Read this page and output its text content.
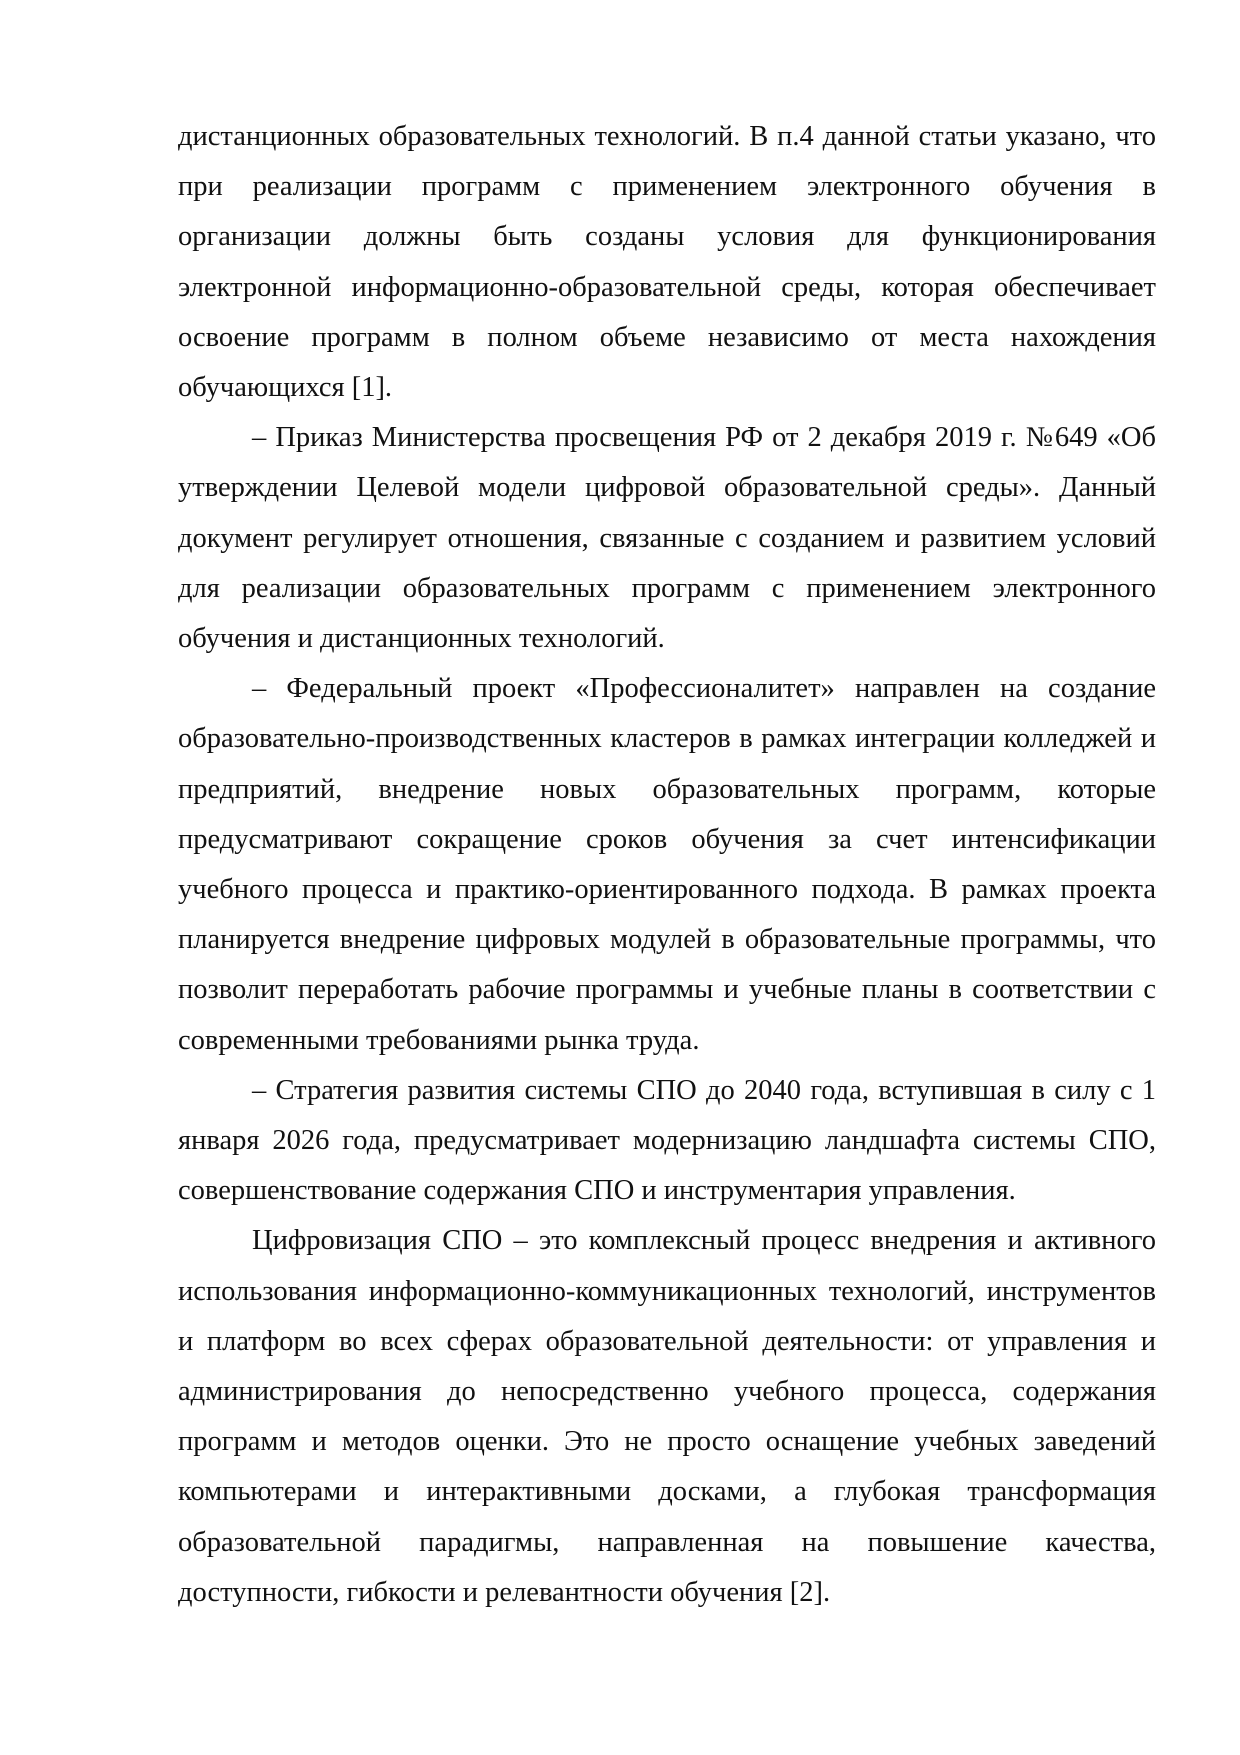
дистанционных образовательных технологий. В п.4 данной статьи указано, что при реализации программ с применением электронного обучения в организации должны быть созданы условия для функционирования электронной информационно-образовательной среды, которая обеспечивает освоение программ в полном объеме независимо от места нахождения обучающихся [1].

– Приказ Министерства просвещения РФ от 2 декабря 2019 г. №649 «Об утверждении Целевой модели цифровой образовательной среды». Данный документ регулирует отношения, связанные с созданием и развитием условий для реализации образовательных программ с применением электронного обучения и дистанционных технологий.

– Федеральный проект «Профессионалитет» направлен на создание образовательно-производственных кластеров в рамках интеграции колледжей и предприятий, внедрение новых образовательных программ, которые предусматривают сокращение сроков обучения за счет интенсификации учебного процесса и практико-ориентированного подхода. В рамках проекта планируется внедрение цифровых модулей в образовательные программы, что позволит переработать рабочие программы и учебные планы в соответствии с современными требованиями рынка труда.

– Стратегия развития системы СПО до 2040 года, вступившая в силу с 1 января 2026 года, предусматривает модернизацию ландшафта системы СПО, совершенствование содержания СПО и инструментария управления.

Цифровизация СПО – это комплексный процесс внедрения и активного использования информационно-коммуникационных технологий, инструментов и платформ во всех сферах образовательной деятельности: от управления и администрирования до непосредственно учебного процесса, содержания программ и методов оценки. Это не просто оснащение учебных заведений компьютерами и интерактивными досками, а глубокая трансформация образовательной парадигмы, направленная на повышение качества, доступности, гибкости и релевантности обучения [2].
